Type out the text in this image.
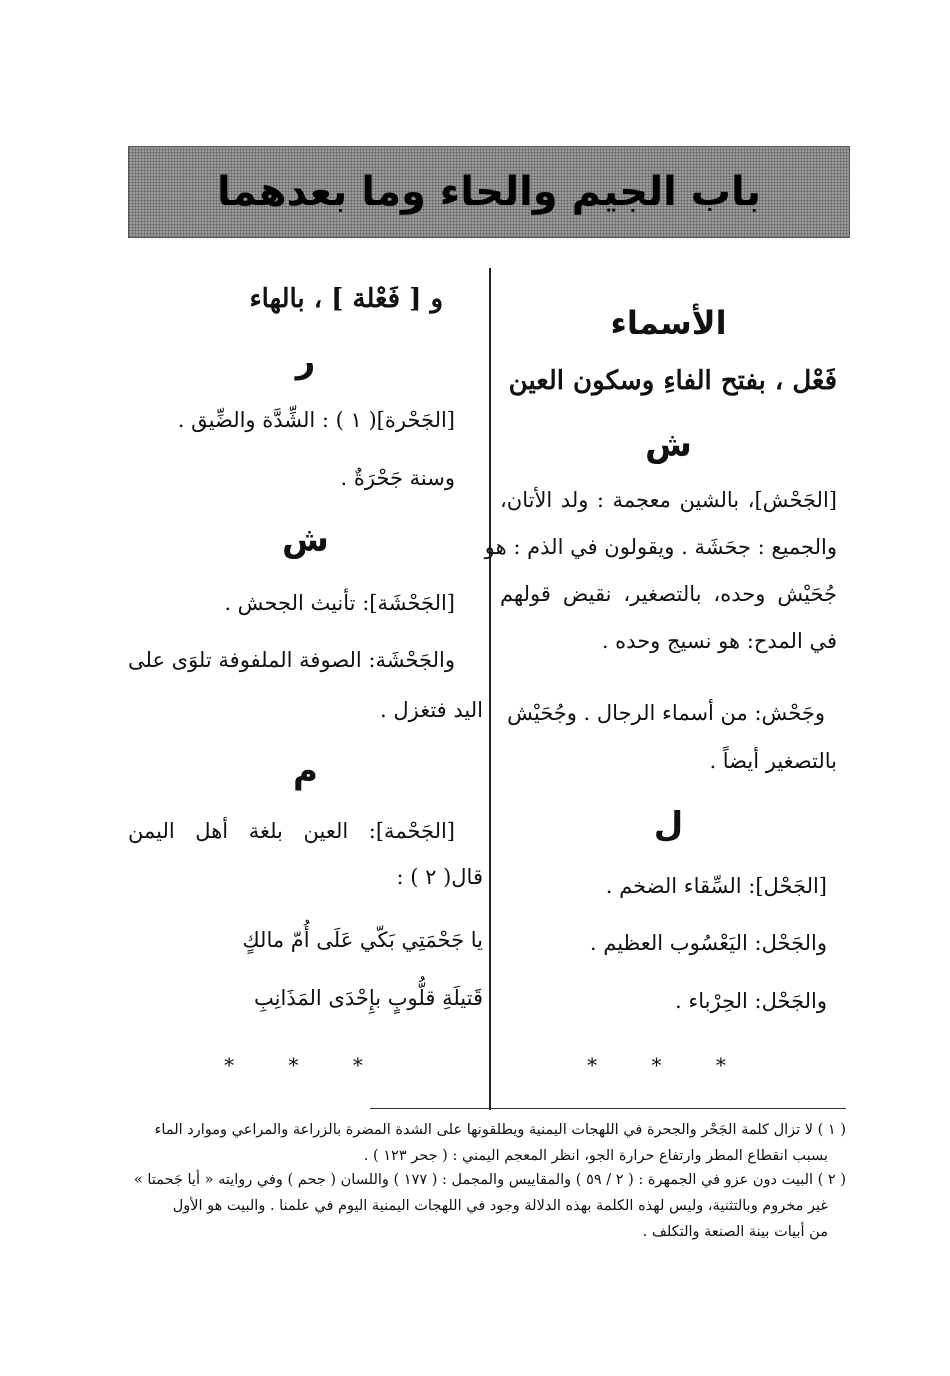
باب الجيم والحاء وما بعدهما
الأسماء
فَعْل ، بفتح الفاءِ وسكون العين
ش
[الجَحْش]، بالشين معجمة : ولد الأتان،
والجميع : جحَشَة . ويقولون في الذم : هو
جُحَيْش وحده، بالتصغير، نقيض قولهم
في المدح: هو نسيج وحده .
وجَحْش: من أسماء الرجال . وجُحَيْش
بالتصغير أيضاً .
ل
[الجَحْل]: السِّقاء الضخم .
والجَحْل: اليَعْسُوب العظيم .
والجَحْل: الحِرْباء .
* * *
و [ فَعْلة ] ، بالهاء
ر
[الجَحْرة]( ١ ) : الشِّدَّة والضِّيق .
وسنة جَحْرَةٌ .
ش
[الجَحْشَة]: تأنيث الجحش .
والجَحْشَة: الصوفة الملفوفة تلوَى على
اليد فتغزل .
م
[الجَحْمة]: العين بلغة أهل اليمن
قال( ٢ ) :
يا جَحْمَتِي بَكّي عَلَى أُمّ مالكٍ
قَتيلَةِ قلُّوبٍ بإِحْدَى المَذَانِبِ
* * *
( ١ ) لا تزال كلمة الجَحْر والجحرة في اللهجات اليمنية ويطلقونها على الشدة المضرة بالزراعة والمراعي وموارد الماء
بسبب انقطاع المطر وارتفاع حرارة الجو، انظر المعجم اليمني : ( جحر ١٢٣ ) .
( ٢ ) البيت دون عزو في الجمهرة : ( ٢ / ٥٩ ) والمقاييس والمجمل : ( ١٧٧ ) واللسان ( جحم ) وفي روايته « أيا جَحمتا »
غير مخروم وبالتثنية، وليس لهذه الكلمة بهذه الدلالة وجود في اللهجات اليمنية اليوم في علمنا . والبيت هو الأول
من أبيات بينة الصنعة والتكلف .
